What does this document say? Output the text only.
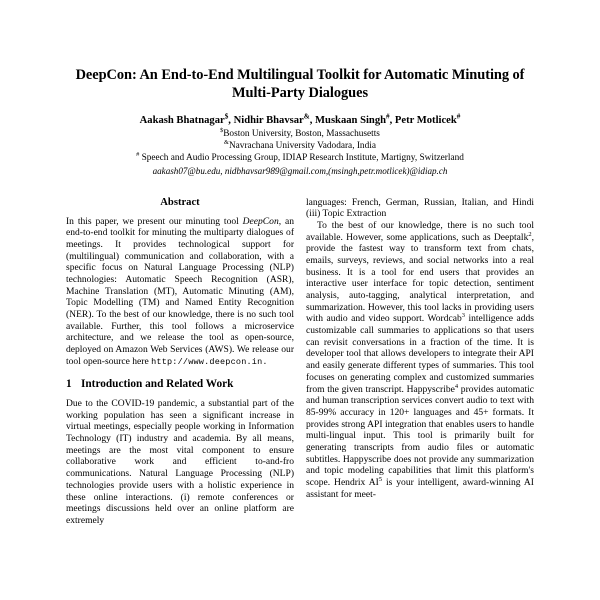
DeepCon: An End-to-End Multilingual Toolkit for Automatic Minuting of Multi-Party Dialogues
Aakash Bhatnagar$, Nidhir Bhavsar&, Muskaan Singh#, Petr Motlicek#
$Boston University, Boston, Massachusetts
&Navrachana University Vadodara, India
# Speech and Audio Processing Group, IDIAP Research Institute, Martigny, Switzerland
aakash07@bu.edu, nidbhavsar989@gmail.com,(msingh,petr.motlicek)@idiap.ch
Abstract

In this paper, we present our minuting tool DeepCon, an end-to-end toolkit for minuting the multiparty dialogues of meetings. It provides technological support for (multilingual) communication and collaboration, with a specific focus on Natural Language Processing (NLP) technologies: Automatic Speech Recognition (ASR), Machine Translation (MT), Automatic Minuting (AM), Topic Modelling (TM) and Named Entity Recognition (NER). To the best of our knowledge, there is no such tool available. Further, this tool follows a microservice architecture, and we release the tool as open-source, deployed on Amazon Web Services (AWS). We release our tool open-source here http://www.deepcon.in.

1 Introduction and Related Work

Due to the COVID-19 pandemic, a substantial part of the working population has seen a significant increase in virtual meetings, especially people working in Information Technology (IT) industry and academia. By all means, meetings are the most vital component to ensure collaborative work and efficient to-and-fro communications. Natural Language Processing (NLP) technologies provide users with a holistic experience in these online interactions. (i) remote conferences or meetings discussions held over an online platform are extremely

languages: French, German, Russian, Italian, and Hindi (iii) Topic Extraction

To the best of our knowledge, there is no such tool available. However, some applications, such as Deeptalk$^2$, provide the fastest way to transform text from chats, emails, surveys, reviews, and social networks into a real business. It is a tool for end users that provides an interactive user interface for topic detection, sentiment analysis, auto-tagging, analytical interpretation, and summarization. However, this tool lacks in providing users with audio and video support. Wordcab$^3$ intelligence adds customizable call summaries to applications so that users can revisit conversations in a fraction of the time. It is developer tool that allows developers to integrate their API and easily generate different types of summaries. This tool focuses on generating complex and customized summaries from the given transcript. Happyscribe$^4$ provides automatic and human transcription services convert audio to text with 85-99% accuracy in 120+ languages and 45+ formats. It provides strong API integration that enables users to handle multi-lingual input. This tool is primarily built for generating transcripts from audio files or automatic subtitles. Happyscribe does not provide any summarization and topic modeling capabilities that limit this platform's scope. Hendrix $AI^5$ is your intelligent, award-winning AI assistant for meet-
